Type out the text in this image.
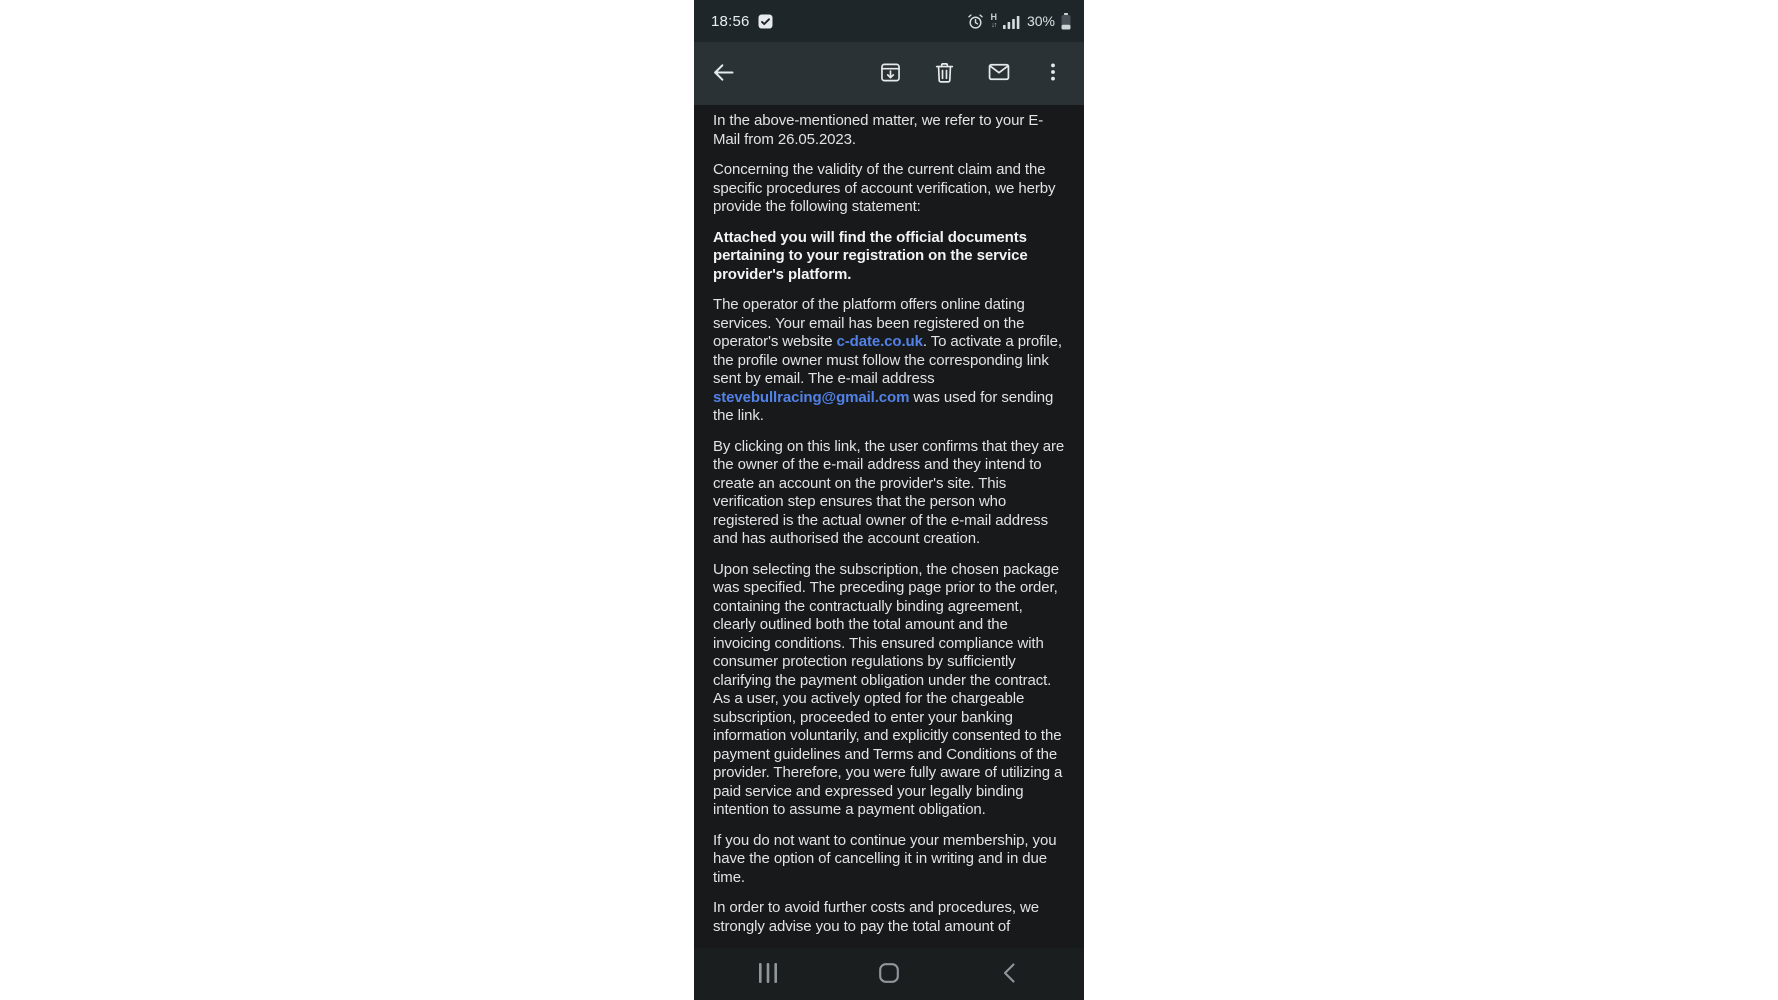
18:56	H
↓↑ 30%

In the above-mentioned matter, we refer to your E-Mail from 26.05.2023.

Concerning the validity of the current claim and the specific procedures of account verification, we herby provide the following statement:

Attached you will find the official documents pertaining to your registration on the service provider's platform.

The operator of the platform offers online dating services. Your email has been registered on the operator's website c-date.co.uk. To activate a profile, the profile owner must follow the corresponding link sent by email. The e-mail address stevebullracing@gmail.com was used for sending the link.

By clicking on this link, the user confirms that they are the owner of the e-mail address and they intend to create an account on the provider's site. This verification step ensures that the person who registered is the actual owner of the e-mail address and has authorised the account creation.

Upon selecting the subscription, the chosen package was specified. The preceding page prior to the order, containing the contractually binding agreement, clearly outlined both the total amount and the invoicing conditions. This ensured compliance with consumer protection regulations by sufficiently clarifying the payment obligation under the contract. As a user, you actively opted for the chargeable subscription, proceeded to enter your banking information voluntarily, and explicitly consented to the payment guidelines and Terms and Conditions of the provider. Therefore, you were fully aware of utilizing a paid service and expressed your legally binding intention to assume a payment obligation.

If you do not want to continue your membership, you have the option of cancelling it in writing and in due time.

In order to avoid further costs and procedures, we strongly advise you to pay the total amount of
